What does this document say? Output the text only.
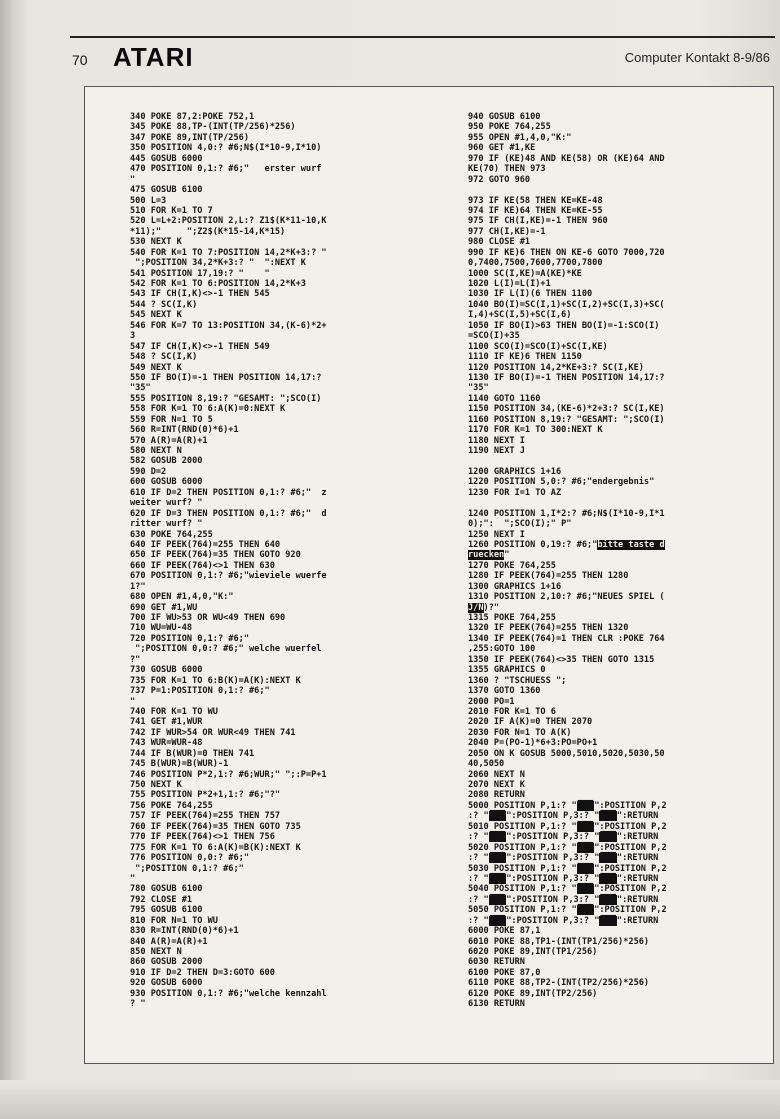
70 ATARI	Computer Kontakt 8-9/86
340 POKE 87,2:POKE 752,1
345 POKE 88,TP-(INT(TP/256)*256)
347 POKE 89,INT(TP/256)
350 POSITION 4,0:? #6;N$(I*10-9,I*10)
445 GOSUB 6000
470 POSITION 0,1:? #6;"   erster wurf
"
475 GOSUB 6100
500 L=3
510 FOR K=1 TO 7
520 L=L+2:POSITION 2,L:? Z1$(K*11-10,K
*11);"     ";Z2$(K*15-14,K*15)
530 NEXT K
540 FOR K=1 TO 7:POSITION 14,2*K+3:? "
";POSITION 34,2*K+3:? "  ":NEXT K
541 POSITION 17,19:? "    "
542 FOR K=1 TO 6:POSITION 14,2*K+3
543 IF CH(I,K)<>-1 THEN 545
544 ? SC(I,K)
545 NEXT K
546 FOR K=7 TO 13:POSITION 34,(K-6)*2+
3
547 IF CH(I,K)<>-1 THEN 549
548 ? SC(I,K)
549 NEXT K
550 IF BO(I)=-1 THEN POSITION 14,17:?
"35"
555 POSITION 8,19:? "GESAMT: ";SCO(I)
558 FOR K=1 TO 6:A(K)=0:NEXT K
559 FOR N=1 TO 5
560 R=INT(RND(0)*6)+1
570 A(R)=A(R)+1
580 NEXT N
582 GOSUB 2000
590 D=2
600 GOSUB 6000
610 IF D=2 THEN POSITION 0,1:? #6;"  z
weiter wurf? "
620 IF D=3 THEN POSITION 0,1:? #6;"  d
ritter wurf? "
630 POKE 764,255
640 IF PEEK(764)=255 THEN 640
650 IF PEEK(764)=35 THEN GOTO 920
660 IF PEEK(764)<>1 THEN 630
670 POSITION 0,1:? #6;"wieviele wuerfe
1?"
680 OPEN #1,4,0,"K:"
690 GET #1,WU
700 IF WU>53 OR WU<49 THEN 690
710 WU=WU-48
720 POSITION 0,1:? #6;"
";POSITION 0,0:? #6;" welche wuerfel
?"
730 GOSUB 6000
735 FOR K=1 TO 6:B(K)=A(K):NEXT K
737 P=1:POSITION 0,1:? #6;"
"
740 FOR K=1 TO WU
741 GET #1,WUR
742 IF WUR>54 OR WUR<49 THEN 741
743 WUR=WUR-48
744 IF B(WUR)=0 THEN 741
745 B(WUR)=B(WUR)-1
746 POSITION P*2,1:? #6;WUR;" ";:P=P+1
750 NEXT K
755 POSITION P*2+1,1:? #6;"?"
756 POKE 764,255
757 IF PEEK(764)=255 THEN 757
760 IF PEEK(764)=35 THEN GOTO 735
770 IF PEEK(764)<>1 THEN 756
775 FOR K=1 TO 6:A(K)=B(K):NEXT K
776 POSITION 0,0:? #6;"
";POSITION 0,1:? #6;"
"
780 GOSUB 6100
792 CLOSE #1
795 GOSUB 6100
810 FOR N=1 TO WU
830 R=INT(RND(0)*6)+1
840 A(R)=A(R)+1
850 NEXT N
860 GOSUB 2000
910 IF D=2 THEN D=3:GOTO 600
920 GOSUB 6000
930 POSITION 0,1:? #6;"welche kennzahl
? "
940 GOSUB 6100
950 POKE 764,255
955 OPEN #1,4,0,"K:"
960 GET #1,KE
970 IF (KE)48 AND KE(58) OR (KE)64 AND
KE(70) THEN 973
972 GOTO 960
973 IF KE(58 THEN KE=KE-48
974 IF KE)64 THEN KE=KE-55
975 IF CH(I,KE)=-1 THEN 960
977 CH(I,KE)=-1
980 CLOSE #1
990 IF KE)6 THEN ON KE-6 GOTO 7000,720
0,7400,7500,7600,7700,7800
1000 SC(I,KE)=A(KE)*KE
1020 L(I)=L(I)+1
1030 IF L(I)(6 THEN 1100
1040 BO(I)=SC(I,1)+SC(I,2)+SC(I,3)+SC(
I,4)+SC(I,5)+SC(I,6)
1050 IF BO(I)>63 THEN BO(I)=-1:SCO(I)
=SCO(I)+35
1100 SCO(I)=SCO(I)+SC(I,KE)
1110 IF KE)6 THEN 1150
1120 POSITION 14,2*KE+3:? SC(I,KE)
1130 IF BO(I)=-1 THEN POSITION 14,17:?
"35"
1140 GOTO 1160
1150 POSITION 34,(KE-6)*2+3:? SC(I,KE)
1160 POSITION 8,19:? "GESAMT: ";SCO(I)
1170 FOR K=1 TO 300:NEXT K
1180 NEXT I
1190 NEXT J
1200 GRAPHICS 1+16
1220 POSITION 5,0:? #6;"endergebnis"
1230 FOR I=1 TO AZ
1240 POSITION 1,I*2:? #6;N$(I*10-9,I*1
0);":  ";SCO(I);" P"
1250 NEXT I
1260 POSITION 0,19:? #6;"bitte taste d
ruecken"
1270 POKE 764,255
1280 IF PEEK(764)=255 THEN 1280
1300 GRAPHICS 1+16
1310 POSITION 2,10:? #6;"NEUES SPIEL (
J/N)?"
1315 POKE 764,255
1320 IF PEEK(764)=255 THEN 1320
1340 IF PEEK(764)=1 THEN CLR :POKE 764
,255:GOTO 100
1350 IF PEEK(764)<>35 THEN GOTO 1315
1355 GRAPHICS 0
1360 ? "TSCHUESS ";
1370 GOTO 1360
2000 PO=1
2010 FOR K=1 TO 6
2020 IF A(K)=0 THEN 2070
2030 FOR N=1 TO A(K)
2040 P=(PO-1)*6+3:PO=PO+1
2050 ON K GOSUB 5000,5010,5020,5030,50
40,5050
2060 NEXT N
2070 NEXT K
2080 RETURN
5000 POSITION P,1:? "███":POSITION P,2
:? "███":POSITION P,3:? "███":RETURN
5010 POSITION P,1:? "███":POSITION P,2
:? "███":POSITION P,3:? "███":RETURN
5020 POSITION P,1:? "███":POSITION P,2
:? "███":POSITION P,3:? "███":RETURN
5030 POSITION P,1:? "███":POSITION P,2
:? "███":POSITION P,3:? "███":RETURN
5040 POSITION P,1:? "███":POSITION P,2
:? "███":POSITION P,3:? "███":RETURN
5050 POSITION P,1:? "███":POSITION P,2
:? "███":POSITION P,3:? "███":RETURN
6000 POKE 87,1
6010 POKE 88,TP1-(INT(TP1/256)*256)
6020 POKE 89,INT(TP1/256)
6030 RETURN
6100 POKE 87,0
6110 POKE 88,TP2-(INT(TP2/256)*256)
6120 POKE 89,INT(TP2/256)
6130 RETURN
